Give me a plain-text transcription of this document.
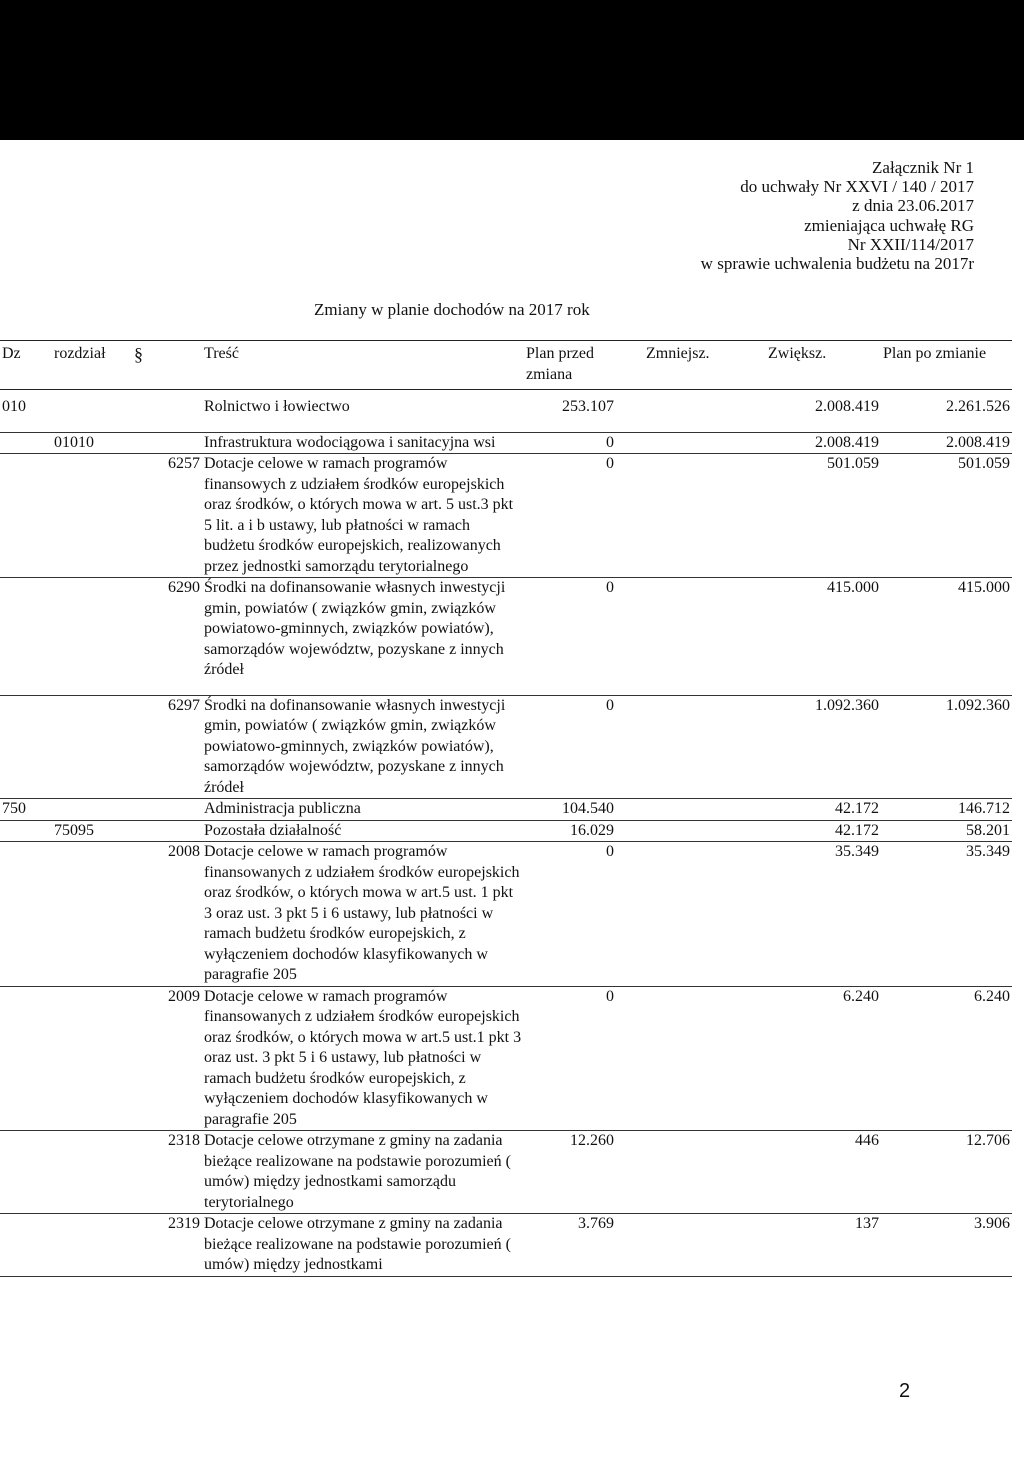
Załącznik Nr 1
do uchwały Nr XXVI / 140 / 2017
z dnia 23.06.2017
zmieniająca uchwałę RG
Nr XXII/114/2017
w sprawie uchwalenia budżetu na 2017r
Zmiany w planie dochodów na 2017 rok
Dz	rozdział	§	Treść	Plan przed zmiana	Zmniejsz.	Zwiększ.	Plan po zmianie
010			Rolnictwo i łowiectwo	253.107		2.008.419	2.261.526
	01010		Infrastruktura wodociągowa i sanitacyjna wsi	0		2.008.419	2.008.419
		6257	Dotacje celowe w ramach programów finansowych z udziałem środków europejskich oraz środków, o których mowa w art. 5 ust.3 pkt 5 lit. a i b ustawy, lub płatności w ramach budżetu środków europejskich, realizowanych przez jednostki samorządu terytorialnego	0		501.059	501.059
		6290	Środki na dofinansowanie własnych inwestycji gmin, powiatów ( związków gmin, związków powiatowo-gminnych, związków powiatów), samorządów województw, pozyskane z innych źródeł	0		415.000	415.000
		6297	Środki na dofinansowanie własnych inwestycji gmin, powiatów ( związków gmin, związków powiatowo-gminnych, związków powiatów), samorządów województw, pozyskane z innych źródeł	0		1.092.360	1.092.360
750			Administracja publiczna	104.540		42.172	146.712
	75095		Pozostała działalność	16.029		42.172	58.201
		2008	Dotacje celowe w ramach programów finansowanych z udziałem środków europejskich oraz środków, o których mowa w art.5 ust. 1 pkt 3 oraz ust. 3 pkt 5 i 6 ustawy, lub płatności w ramach budżetu środków europejskich, z wyłączeniem dochodów klasyfikowanych w paragrafie 205	0		35.349	35.349
		2009	Dotacje celowe w ramach programów finansowanych z udziałem środków europejskich oraz środków, o których mowa w art.5 ust.1 pkt 3 oraz ust. 3 pkt 5 i 6 ustawy, lub płatności w ramach budżetu środków europejskich, z wyłączeniem dochodów klasyfikowanych w paragrafie 205	0		6.240	6.240
		2318	Dotacje celowe otrzymane z gminy na zadania bieżące realizowane na podstawie porozumień ( umów) między jednostkami samorządu terytorialnego	12.260		446	12.706
		2319	Dotacje celowe otrzymane z gminy na zadania bieżące realizowane na podstawie porozumień ( umów) między jednostkami	3.769		137	3.906
2
